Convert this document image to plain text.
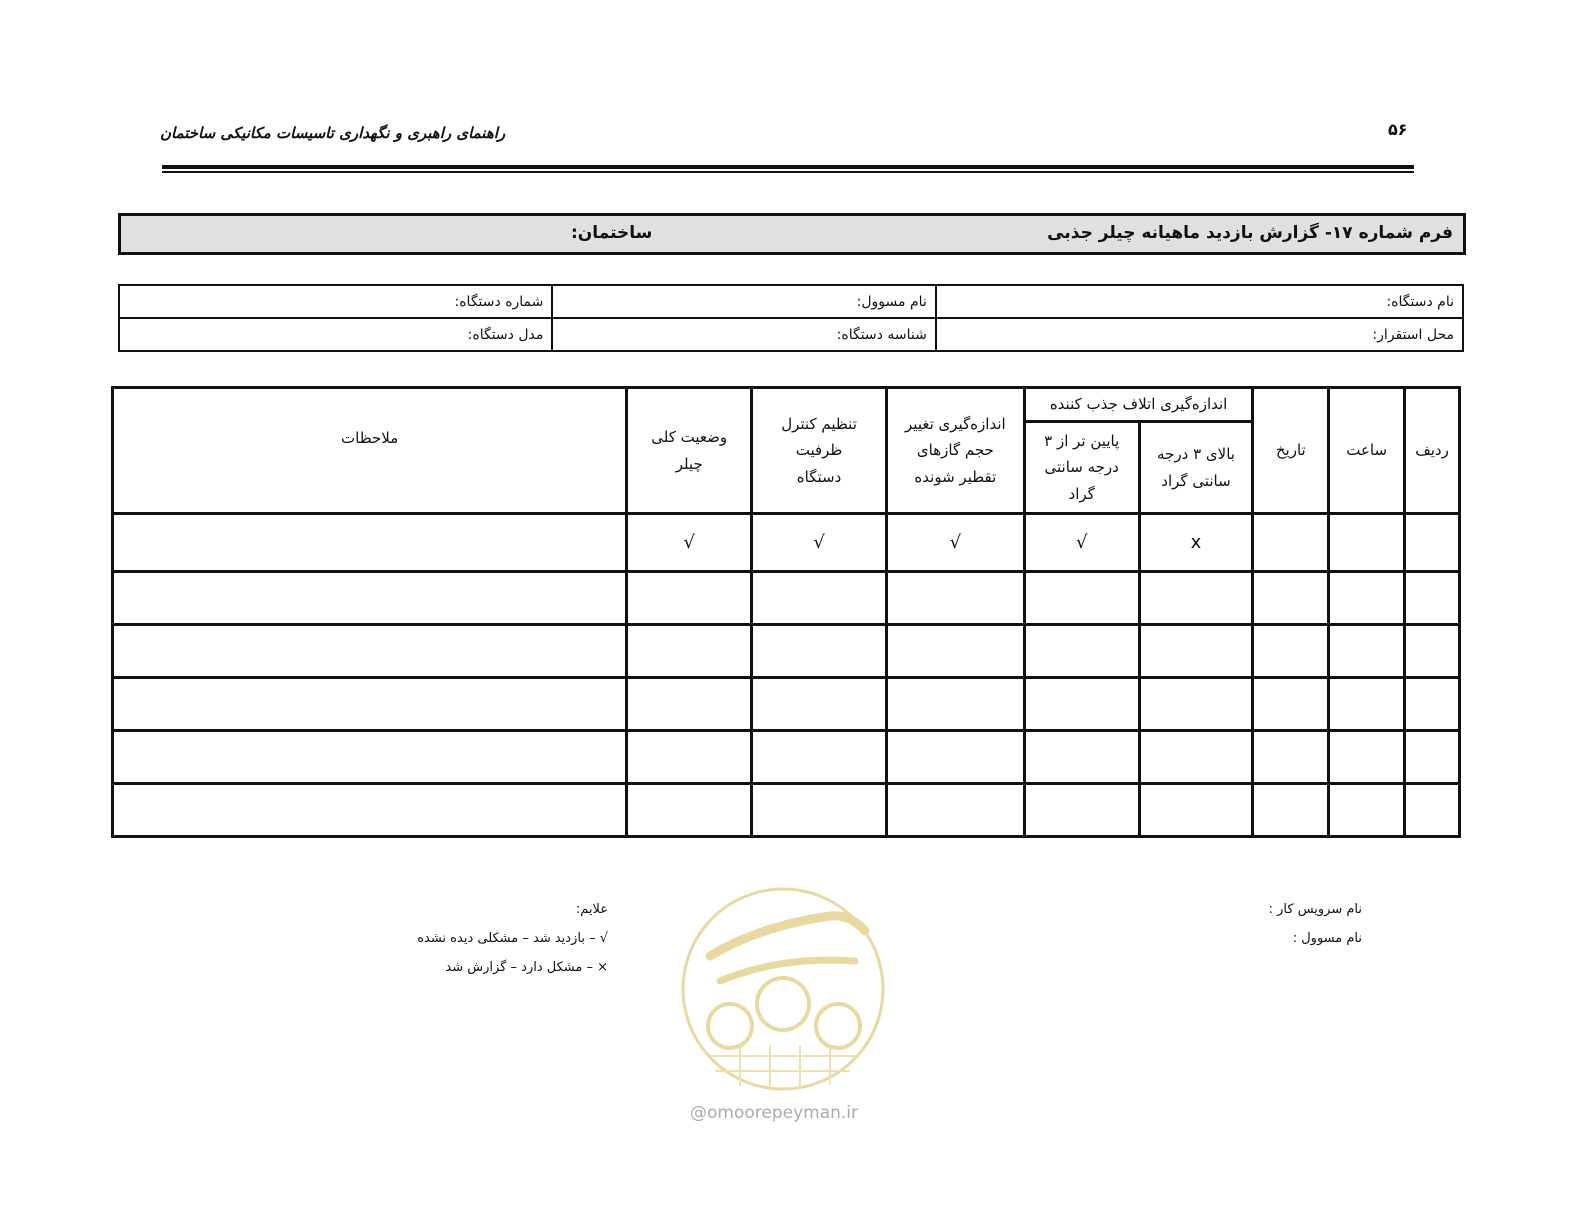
راهنمای راهبری و نگهداری تاسیسات مکانیکی ساختمان	۵۶
فرم شماره ۱۷- گزارش بازدید ماهیانه چیلر جذبی
ساختمان:
نام دستگاه:	نام مسوول:	شماره دستگاه:
محل استقرار:	شناسه دستگاه:	مدل دستگاه:
ردیف	ساعت	تاریخ	اندازه‌گیری اتلاف جذب کننده		اندازه‌گیری تغییر حجم گازهای تقطیر شونده	تنظیم کنترل ظرفیت دستگاه	وضعیت کلی چیلر	ملاحظات
			بالای ۳ درجه سانتی گراد	پایین تر از ۳ درجه سانتی گراد				
			x	√	√	√	√	

علایم:
√ – بازدید شد – مشکلی دیده نشده
× – مشکل دارد – گزارش شد
نام سرویس کار :
نام مسوول :
@omoorepeyman.ir
